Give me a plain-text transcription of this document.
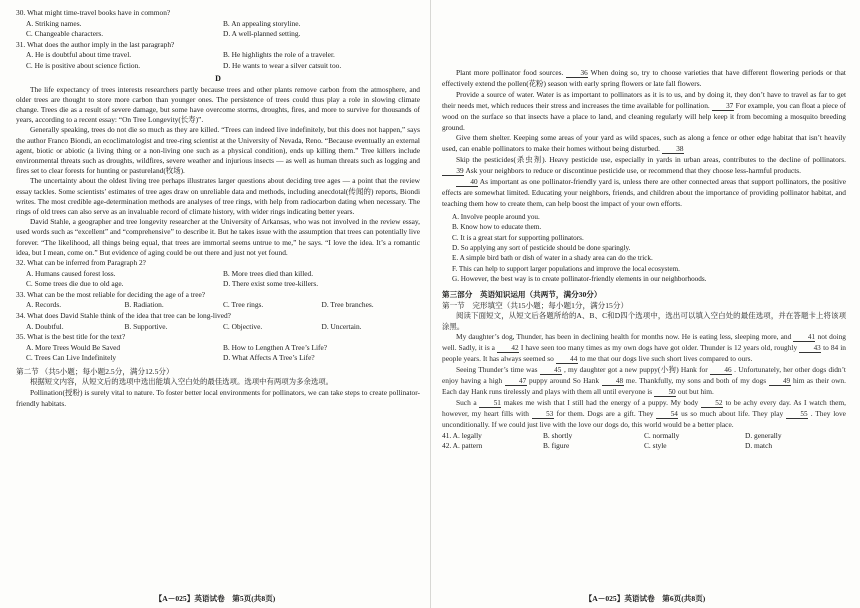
30. What might time-travel books have in common?

A. Striking names.	B. An appealing storyline.
C. Changeable characters.	D. A well-planned setting.

31. What does the author imply in the last paragraph?

A. He is doubtful about time travel.	B. He highlights the role of a traveler.
C. He is positive about science fiction.	D. He wants to wear a silver catsuit too.

D

The life expectancy of trees interests researchers partly because trees and other plants remove carbon from the atmosphere, and older trees are thought to store more carbon than younger ones. The persistence of trees could thus play a role in slowing climate change. Trees die as a result of severe damage, but some have overcome storms, droughts, fires, and more to survive for thousands of years, according to a recent essay: “On Tree Longevity(长寿)”.

Generally speaking, trees do not die so much as they are killed. “Trees can indeed live indefinitely, but this does not happen,” says the author Franco Biondi, an ecoclimatologist and tree-ring scientist at the University of Nevada, Reno. “Because eventually an external agent, biotic or abiotic (a living thing or a non-living one such as a physical condition), ends up killing them.” Tree killers include environmental threats such as droughts, wildfires, severe weather and injurious insects — as well as human threats such as logging and fires set to clear forests for hunting or pastureland(牧场).

The uncertainty about the oldest living tree perhaps illustrates larger questions about deciding tree ages — a point that the review essay tackles. Some scientists’ estimates of tree ages draw on unreliable data and methods, including anecdotal(传闻的) reports, Biondi writes. The most credible age-determination methods are analyses of tree rings, with help from radiocarbon dating when necessary. The rings of old trees can also serve as an invaluable record of climate history, with wider rings indicating better years.

David Stahle, a geographer and tree longevity researcher at the University of Arkansas, who was not involved in the review essay, used words such as “excellent” and “comprehensive” to describe it. But he takes issue with the assumption that trees can potentially live forever. “The likelihood, all things being equal, that trees are immortal seems untrue to me,” he says. “I love the idea. It’s a romantic idea, but I mean, come on.” But evidence of aging could be out there and just not yet found.

32. What can be inferred from Paragraph 2?

A. Humans caused forest loss.	B. More trees died than killed.
C. Some trees die due to old age.	D. There exist some tree-killers.

33. What can be the most reliable for deciding the age of a tree?

A. Records.	B. Radiation.	C. Tree rings.	D. Tree branches.

34. What does David Stahle think of the idea that tree can be long-lived?

A. Doubtful.	B. Supportive.	C. Objective.	D. Uncertain.

35. What is the best title for the text?

A. More Trees Would Be Saved	B. How to Lengthen A Tree’s Life?
C. Trees Can Live Indefinitely	D. What Affects A Tree’s Life?

第二节 （共5小题；每小题2.5分，满分12.5分）

根据短文内容，从短文后的选项中选出能填入空白处的最佳选项。选项中有两项为多余选项。

Pollination(授粉) is surely vital to nature. To foster better local environments for pollinators, we can take steps to create pollinator-friendly habitats.

【A－025】英语试卷　第5页(共8页)

Plant more pollinator food sources. 36 When doing so, try to choose varieties that have different flowering periods or that effectively extend the pollen(花粉) season with early spring flowers or late fall flowers.

Provide a source of water. Water is as important to pollinators as it is to us, and by doing it, they don’t have to travel as far to get their needs met, which reduces their stress and increases the time available for pollination. 37 For example, you can float a piece of wood on the surface so that insects have a place to land, and cleaning regularly will help keep it from becoming a mosquito breeding ground.

Give them shelter. Keeping some areas of your yard as wild spaces, such as along a fence or other edge habitat that isn’t heavily used, can enable pollinators to make their homes without being disturbed. 38

Skip the pesticides(杀虫剂). Heavy pesticide use, especially in yards in urban areas, contributes to the decline of pollinators. 39 Ask your neighbors to reduce or discontinue pesticide use, or recommend that they choose less-harmful products.

40 As important as one pollinator-friendly yard is, unless there are other connected areas that support pollinators, the positive effects are somewhat limited. Educating your neighbors, friends, and children about the importance of providing pollinator habitat, and teaching them how to create them, can help boost the impact of your own efforts.

A. Involve people around you.
B. Know how to educate them.
C. It is a great start for supporting pollinators.
D. So applying any sort of pesticide should be done sparingly.
E. A simple bird bath or dish of water in a shady area can do the trick.
F. This can help to support larger populations and improve the local ecosystem.
G. However, the best way is to create pollinator-friendly elements in our neighborhoods.

第三部分　英语知识运用（共两节，满分30分）

第一节　完形填空（共15小题；每小题1分，满分15分）

阅读下面短文，从短文后各题所给的A、B、C和D四个选项中，选出可以填入空白处的最佳选项，并在答题卡上将该项涂黑。

My daughter’s dog, Thunder, has been in declining health for months now. He is eating less, sleeping more, and 41 not doing well. Sadly, it is a 42 I have seen too many times as my own dogs have got older. Thunder is 12 years old, roughly 43 to 84 in people years. It has always seemed so 44 to me that our dogs live such short lives compared to ours.

Seeing Thunder’s time was 45 , my daughter got a new puppy(小狗) Hank for 46 . Unfortunately, her other dogs didn’t enjoy having a high 47 puppy around So Hank 48 me. Thankfully, my sons and both of my dogs 49 him as their own. Each day Hank runs tirelessly and plays with them all until everyone is 50 out but him.

Such a 51 makes me wish that I still had the energy of a puppy. My body 52 to be achy every day. As I watch them, however, my heart fills with 53 for them. Dogs are a gift. They 54 us so much about life. They play 55 . They love unconditionally. If we could just live with the love our dogs do, this world would be a better place.

41. A. legally	B. shortly	C. normally	D. generally
42. A. pattern	B. figure	C. style	D. match
【A－025】英语试卷　第6页(共8页)
